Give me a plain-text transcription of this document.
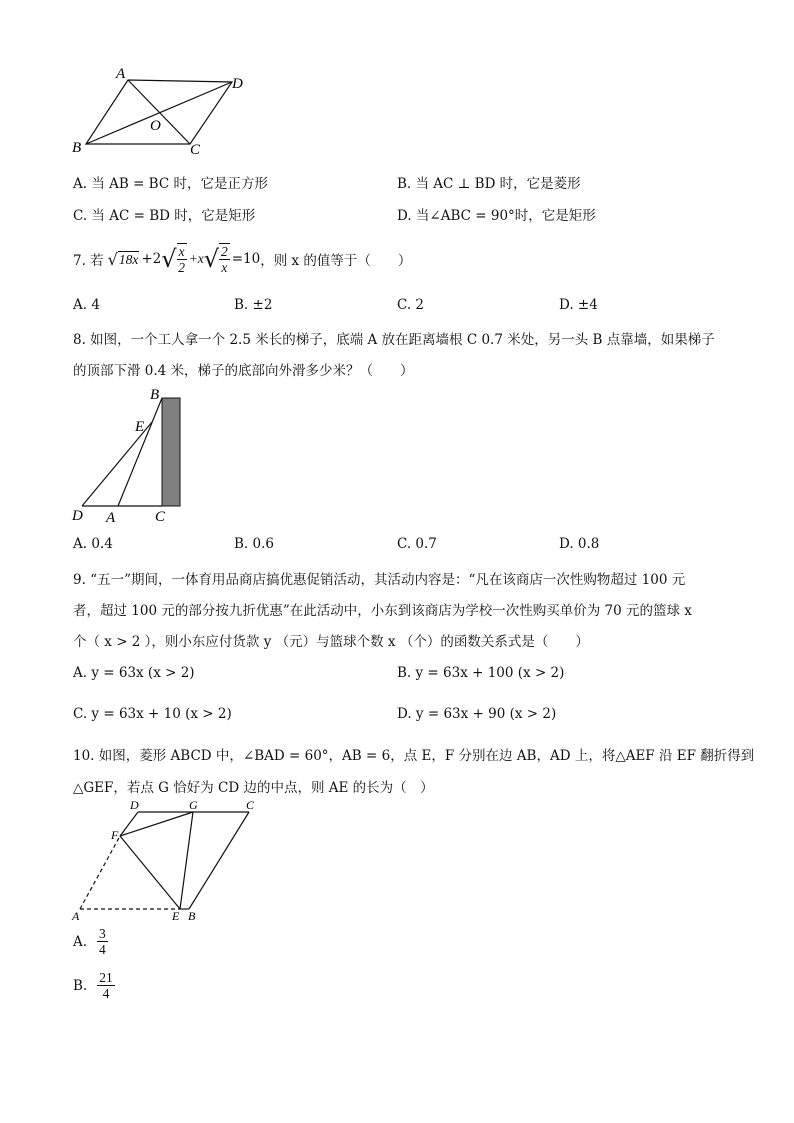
A
D
O
B	C
A. 当 AB = BC 时，它是正方形	B. 当 AC ⊥ BD 时，它是菱形
C. 当 AC = BD 时，它是矩形	D. 当∠ABC = 90°时，它是矩形
7. 若 √ 18x +2 √ $\frac{x}{2} +x$ √ $\frac{2}{x} =10$ ，则 x 的值等于（　　）
A. 4	B. ±2	C. 2	D. ±4
8. 如图，一个工人拿一个 2.5 米长的梯子，底端 A 放在距离墙根 C 0.7 米处，另一头 B 点靠墙，如果梯子
的顶部下滑 0.4 米，梯子的底部向外滑多少米？（　　）
B
E
D A	C
A. 0.4	B. 0.6	C. 0.7	D. 0.8
9. “五一”期间，一体育用品商店搞优惠促销活动，其活动内容是：“凡在该商店一次性购物超过 100 元
者，超过 100 元的部分按九折优惠”在此活动中，小东到该商店为学校一次性购买单价为 70 元的篮球 x
个（ x > 2 ），则小东应付货款 y （元）与篮球个数 x （个）的函数关系式是（　　）
A. y = 63x (x > 2)	B. y = 63x + 100 (x > 2)
C. y = 63x + 10 (x > 2)	D. y = 63x + 90 (x > 2)
10. 如图，菱形 ABCD 中，∠BAD = 60°，AB = 6，点 E，F 分别在边 AB，AD 上，将△AEF 沿 EF 翻折得到
△GEF，若点 G 恰好为 CD 边的中点，则 AE 的长为（　）
D	G	C
F
A	E B
A. $\frac{3}{4}$
B. $\frac{21}{4}$
